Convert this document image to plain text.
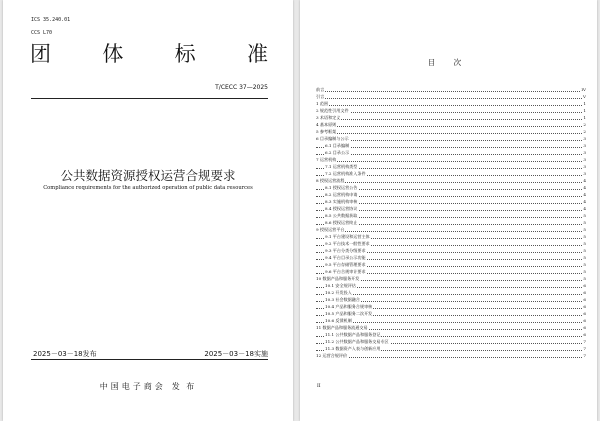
ICS 35.240.01
CCS L70
团 体 标 准
T/CECC 37—2025
公共数据资源授权运营合规要求
Compliance requirements for the authorized operation of public data resources
2025－03－18发布	2025－03－18实施
中国电子商会 发 布
目 次
前言	IV
引言	V
1 范围	1
2 规范性引用文件	1
3 术语和定义	1
4 基本原则	2
5 参考框架	2
6 目录编制与公示	3
6.1 目录编制	3
6.2 目录公示	3
7 运营机构	3
7.1 运营机构类型	3
7.2 运营机构准入条件	3
8 授权运营流程	4
8.1 授权运营公告	4
8.2 运营机构申请	4
8.3 实施机构审核	4
8.4 授权运营协议	4
8.5 公共数据获取	5
8.6 授权运营终止	5
9 授权运营平台	5
9.1 平台建设和运营主体	5
9.2 平台技术一般性要求	5
9.3 平台分类分级要求	5
9.4 平台目录公示功能	5
9.5 平台存储管理要求	5
9.6 平台合规审计要求	5
10 数据产品和服务开发	5
10.1 安全规评估	6
10.2 开发投入	6
10.3 社会数据融合	6
10.4 产品和服务合规审核	6
10.5 产品和服务二次开发	6
10.6 反馈机制	6
11 数据产品和服务流通交易	6
11.1 公共数据产品和服务登记	6
11.2 公共数据产品和服务交易专区	7
11.3 数据资产入表与创新应用	7
12 运营合规评价	7
II
